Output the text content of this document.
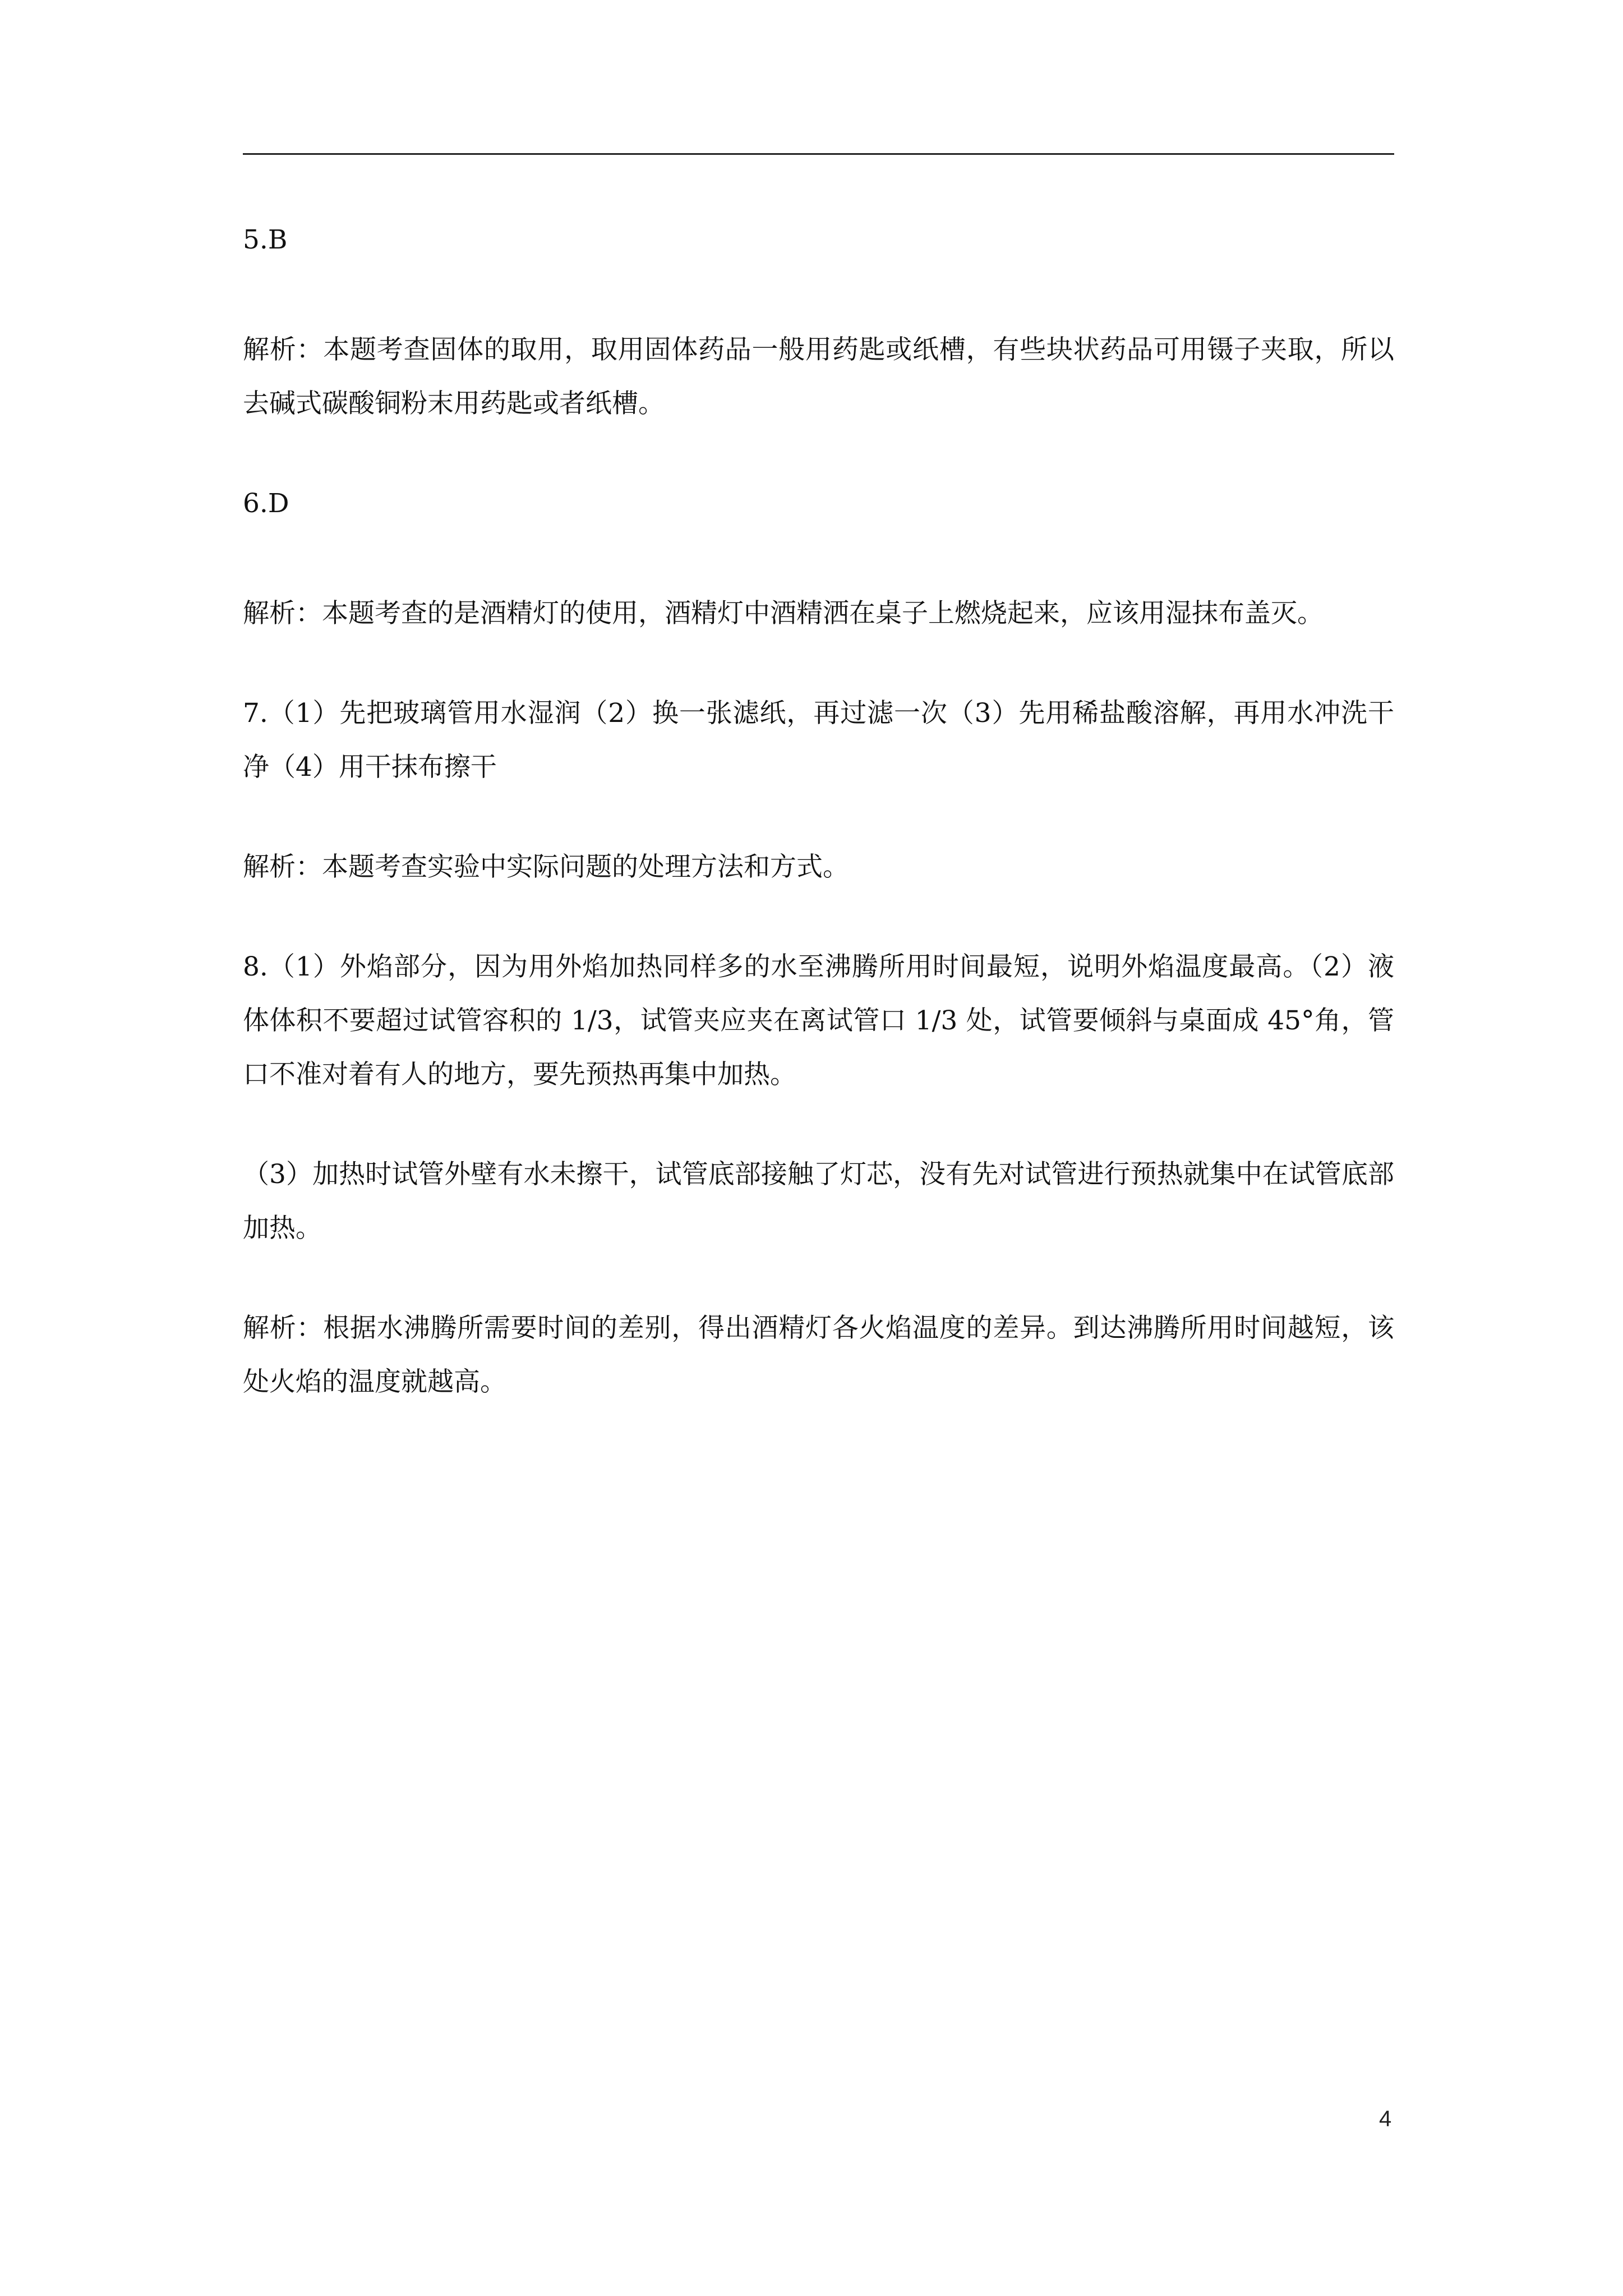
5.B

解析：本题考查固体的取用，取用固体药品一般用药匙或纸槽，有些块状药品可用镊子夹取，所以去碱式碳酸铜粉末用药匙或者纸槽。

6.D

解析：本题考查的是酒精灯的使用，酒精灯中酒精洒在桌子上燃烧起来，应该用湿抹布盖灭。

7.（1）先把玻璃管用水湿润（2）换一张滤纸，再过滤一次（3）先用稀盐酸溶解，再用水冲洗干净（4）用干抹布擦干

解析：本题考查实验中实际问题的处理方法和方式。

8.（1）外焰部分，因为用外焰加热同样多的水至沸腾所用时间最短，说明外焰温度最高。（2）液体体积不要超过试管容积的 1/3，试管夹应夹在离试管口 1/3 处，试管要倾斜与桌面成 45°角，管口不准对着有人的地方，要先预热再集中加热。

（3）加热时试管外壁有水未擦干，试管底部接触了灯芯，没有先对试管进行预热就集中在试管底部加热。

解析：根据水沸腾所需要时间的差别，得出酒精灯各火焰温度的差异。到达沸腾所用时间越短，该处火焰的温度就越高。

4
